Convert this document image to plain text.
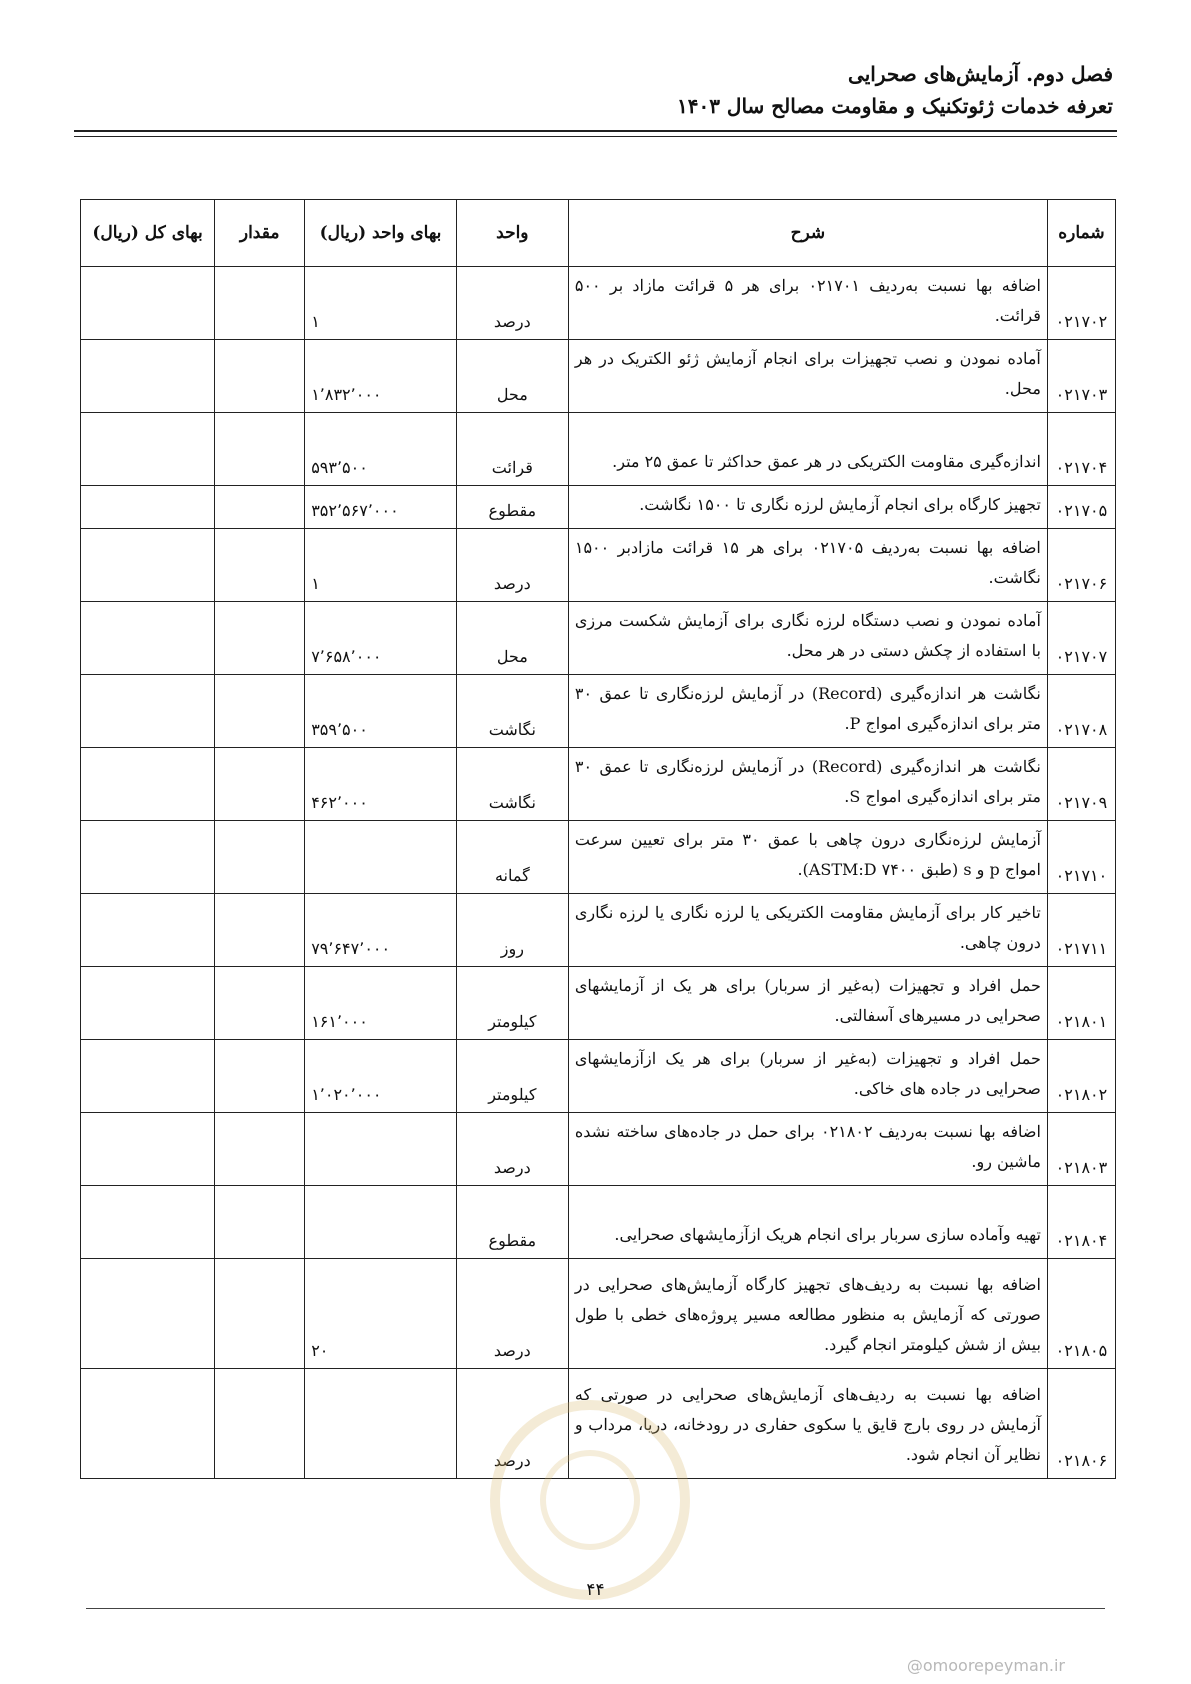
فصل دوم. آزمایش‌های صحرایی
تعرفه خدمات ژئوتکنیک و مقاومت مصالح سال ۱۴۰۳
شماره	شرح	واحد	بهای واحد (ریال)	مقدار	بهای کل (ریال)
۰۲۱۷۰۲	اضافه بها نسبت به‌ردیف ۰۲۱۷۰۱ برای هر ۵ قرائت مازاد بر ۵۰۰ قرائت.	درصد	۱		
۰۲۱۷۰۳	آماده نمودن و نصب تجهیزات برای انجام آزمایش ژئو الکتریک در هر محل.	محل	۱٬۸۳۲٬۰۰۰		
۰۲۱۷۰۴	اندازه‌گیری مقاومت الکتریکی در هر عمق حداکثر تا عمق ۲۵ متر.	قرائت	۵۹۳٬۵۰۰		
۰۲۱۷۰۵	تجهیز کارگاه برای انجام آزمایش لرزه نگاری تا ۱۵۰۰ نگاشت.	مقطوع	۳۵۲٬۵۶۷٬۰۰۰		
۰۲۱۷۰۶	اضافه بها نسبت به‌ردیف ۰۲۱۷۰۵ برای هر ۱۵ قرائت مازادبر ۱۵۰۰ نگاشت.	درصد	۱		
۰۲۱۷۰۷	آماده نمودن و نصب دستگاه لرزه نگاری برای آزمایش شکست مرزی با استفاده از چکش دستی در هر محل.	محل	۷٬۶۵۸٬۰۰۰		
۰۲۱۷۰۸	نگاشت هر اندازه‌گیری (Record) در آزمایش لرزه‌نگاری تا عمق ۳۰ متر برای اندازه‌گیری امواج P.	نگاشت	۳۵۹٬۵۰۰		
۰۲۱۷۰۹	نگاشت هر اندازه‌گیری (Record) در آزمایش لرزه‌نگاری تا عمق ۳۰ متر برای اندازه‌گیری امواج S.	نگاشت	۴۶۲٬۰۰۰		
۰۲۱۷۱۰	آزمایش لرزه‌نگاری درون چاهی با عمق ۳۰ متر برای تعیین سرعت امواج p و s (طبق ASTM:D ۷۴۰۰).	گمانه			
۰۲۱۷۱۱	تاخیر کار برای آزمایش مقاومت الکتریکی یا لرزه نگاری یا لرزه نگاری درون چاهی.	روز	۷۹٬۶۴۷٬۰۰۰		
۰۲۱۸۰۱	حمل افراد و تجهیزات (به‌غیر از سربار) برای هر یک از آزمایشهای صحرایی در مسیرهای آسفالتی.	کیلومتر	۱۶۱٬۰۰۰		
۰۲۱۸۰۲	حمل افراد و تجهیزات (به‌غیر از سربار) برای هر یک ازآزمایشهای صحرایی در جاده های خاکی.	کیلومتر	۱٬۰۲۰٬۰۰۰		
۰۲۱۸۰۳	اضافه بها نسبت به‌ردیف ۰۲۱۸۰۲ برای حمل در جاده‌های ساخته نشده ماشین رو.	درصد			
۰۲۱۸۰۴	تهیه وآماده سازی سربار برای انجام هریک ازآزمایشهای صحرایی.	مقطوع			
۰۲۱۸۰۵	اضافه بها نسبت به ردیف‌های تجهیز کارگاه آزمایش‌های صحرایی در صورتی که آزمایش به منظور مطالعه مسیر پروژه‌های خطی با طول بیش از شش کیلومتر انجام گیرد.	درصد	۲۰		
۰۲۱۸۰۶	اضافه بها نسبت به ردیف‌های آزمایش‌های صحرایی در صورتی که آزمایش در روی بارج قایق یا سکوی حفاری در رودخانه، دریا، مرداب و نظایر آن انجام شود.	درصد			
۴۴
@omoorepeyman.ir
